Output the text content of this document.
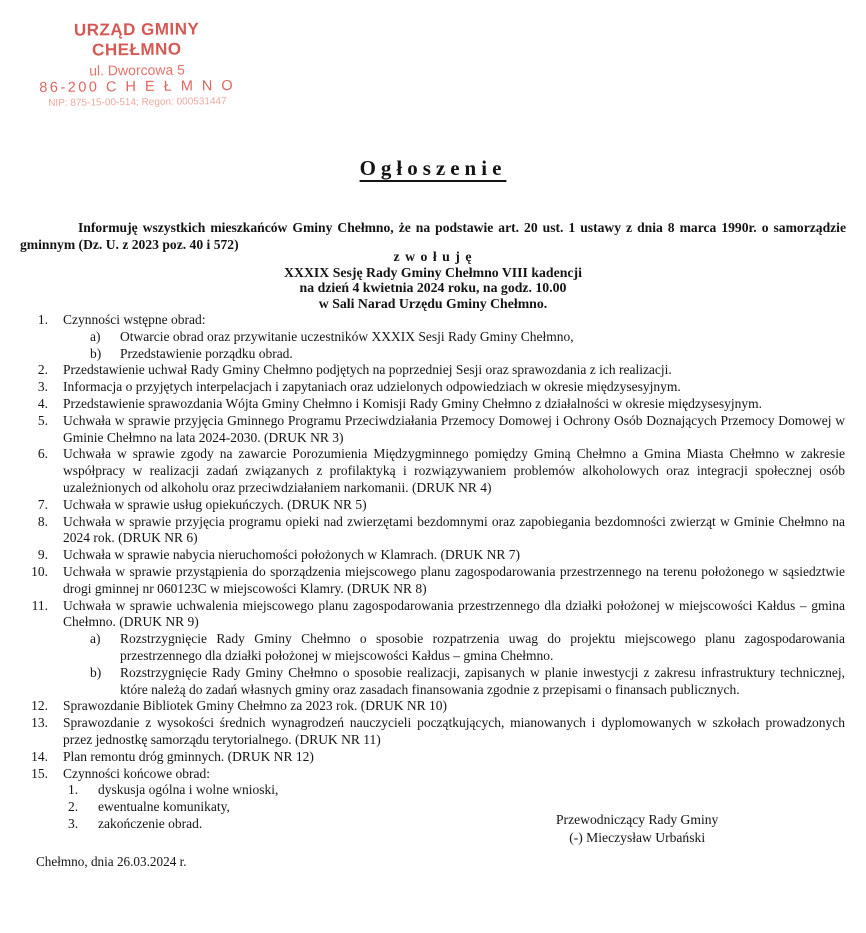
URZĄD GMINY CHEŁMNO
ul. Dworcowa 5
86-200 C H E Ł M N O
NIP: 875-15-00-514; Regon: 000531447
Ogłoszenie

Informuję wszystkich mieszkańców Gminy Chełmno, że na podstawie art. 20 ust. 1 ustawy z dnia 8 marca 1990r. o samorządzie gminnym (Dz. U. z 2023 poz. 40 i 572)

z w o ł u j ę
XXXIX Sesję Rady Gminy Chełmno VIII kadencji
na dzień 4 kwietnia 2024 roku, na godz. 10.00
w Sali Narad Urzędu Gminy Chełmno.
1. Czynności wstępne obrad:
a)	Otwarcie obrad oraz przywitanie uczestników XXXIX Sesji Rady Gminy Chełmno,
b)	Przedstawienie porządku obrad.
2. Przedstawienie uchwał Rady Gminy Chełmno podjętych na poprzedniej Sesji oraz sprawozdania z ich realizacji.
3. Informacja o przyjętych interpelacjach i zapytaniach oraz udzielonych odpowiedziach w okresie międzysesyjnym.
4. Przedstawienie sprawozdania Wójta Gminy Chełmno i Komisji Rady Gminy Chełmno z działalności w okresie międzysesyjnym.
5. Uchwała w sprawie przyjęcia Gminnego Programu Przeciwdziałania Przemocy Domowej i Ochrony Osób Doznających Przemocy Domowej w Gminie Chełmno na lata 2024-2030. (DRUK NR 3)
6. Uchwała w sprawie zgody na zawarcie Porozumienia Międzygminnego pomiędzy Gminą Chełmno a Gmina Miasta Chełmno w zakresie współpracy w realizacji zadań związanych z profilaktyką i rozwiązywaniem problemów alkoholowych oraz integracji społecznej osób uzależnionych od alkoholu oraz przeciwdziałaniem narkomanii. (DRUK NR 4)
7. Uchwała w sprawie usług opiekuńczych. (DRUK NR 5)
8. Uchwała w sprawie przyjęcia programu opieki nad zwierzętami bezdomnymi oraz zapobiegania bezdomności zwierząt w Gminie Chełmno na 2024 rok. (DRUK NR 6)
9. Uchwała w sprawie nabycia nieruchomości położonych w Klamrach. (DRUK NR 7)
10. Uchwała w sprawie przystąpienia do sporządzenia miejscowego planu zagospodarowania przestrzennego na terenu położonego w sąsiedztwie drogi gminnej nr 060123C w miejscowości Klamry. (DRUK NR 8)
11. Uchwała w sprawie uchwalenia miejscowego planu zagospodarowania przestrzennego dla działki położonej w miejscowości Kałdus – gmina Chełmno. (DRUK NR 9)
a)	Rozstrzygnięcie Rady Gminy Chełmno o sposobie rozpatrzenia uwag do projektu miejscowego planu zagospodarowania przestrzennego dla działki położonej w miejscowości Kałdus – gmina Chełmno.
b)	Rozstrzygnięcie Rady Gminy Chełmno o sposobie realizacji, zapisanych w planie inwestycji z zakresu infrastruktury technicznej, które należą do zadań własnych gminy oraz zasadach finansowania zgodnie z przepisami o finansach publicznych.
12. Sprawozdanie Bibliotek Gminy Chełmno za 2023 rok. (DRUK NR 10)
13. Sprawozdanie z wysokości średnich wynagrodzeń nauczycieli początkujących, mianowanych i dyplomowanych w szkołach prowadzonych przez jednostkę samorządu terytorialnego. (DRUK NR 11)
14. Plan remontu dróg gminnych. (DRUK NR 12)
15. Czynności końcowe obrad:
1.	dyskusja ogólna i wolne wnioski,
2.	ewentualne komunikaty,
3.	zakończenie obrad.	Przewodniczący Rady Gminy
(-) Mieczysław Urbański
Chełmno, dnia 26.03.2024 r.
